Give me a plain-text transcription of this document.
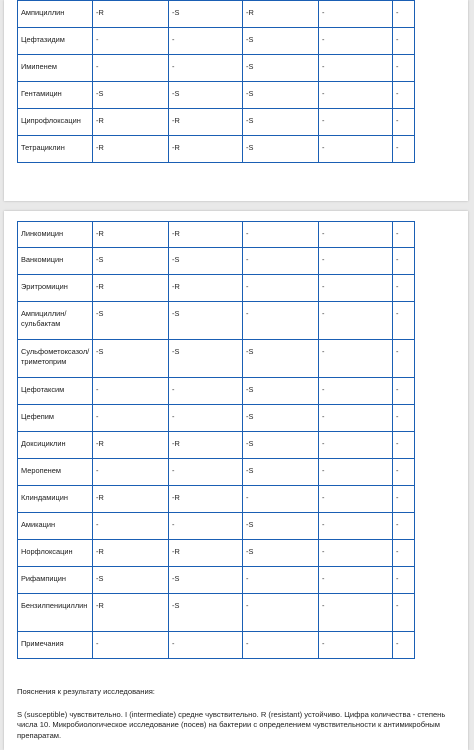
Ампициллин	-R	-S	-R	-	-
Цефтазидим	-	-	-S	-	-
Имипенем	-	-	-S	-	-
Гентамицин	-S	-S	-S	-	-
Ципрофлоксацин	-R	-R	-S	-	-
Тетрациклин	-R	-R	-S	-	-
Линкомицин	-R	-R	-	-	-
Ванкомицин	-S	-S	-	-	-
Эритромицин	-R	-R	-	-	-
Ампициллин/сульбактам	-S	-S	-	-	-
Сульфометоксазол/триметоприм	-S	-S	-S	-	-
Цефотаксим	-	-	-S	-	-
Цефепим	-	-	-S	-	-
Доксициклин	-R	-R	-S	-	-
Меропенем	-	-	-S	-	-
Клиндамицин	-R	-R	-	-	-
Амикацин	-	-	-S	-	-
Норфлоксацин	-R	-R	-S	-	-
Рифампицин	-S	-S	-	-	-
Бензилпенициллин	-R	-S	-	-	-
Примечания	-	-	-	-	-

Пояснения к результату исследования:

S (susceptible) чувствительно. I (intermediate) средне чувствительно. R (resistant) устойчиво. Цифра количества - степень числа 10. Микробиологическое исследование (посев) на бактерии с определением чувствительности к антимикробным препаратам.
